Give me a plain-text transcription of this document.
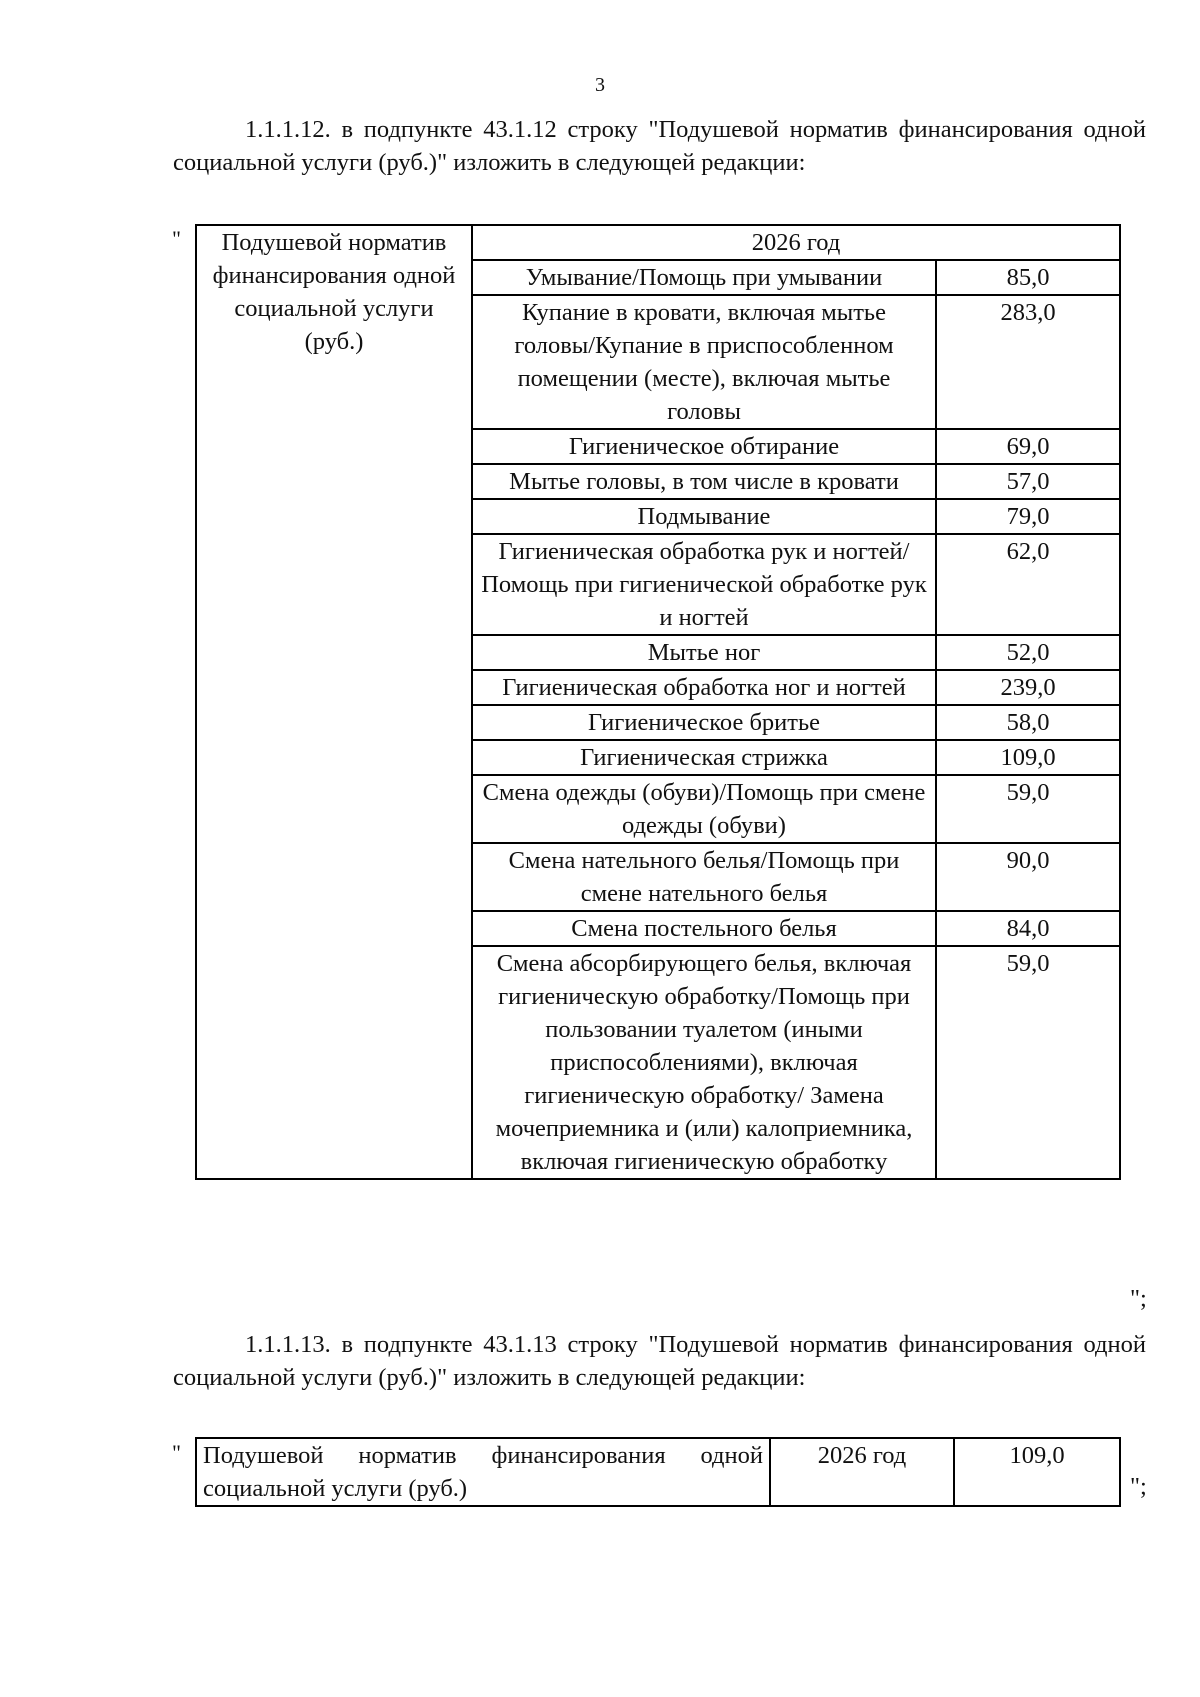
3
1.1.1.12. в подпункте 43.1.12 строку "Подушевой норматив финансирования одной социальной услуги (руб.)" изложить в следующей редакции:
" Подушевой норматив финансирования одной социальной услуги (руб.)	2026 год	
	Умывание/Помощь при умывании	85,0
	Купание в кровати, включая мытье головы/Купание в приспособленном помещении (месте), включая мытье головы	283,0
	Гигиеническое обтирание	69,0
	Мытье головы, в том числе в кровати	57,0
	Подмывание	79,0
	Гигиеническая обработка рук и ногтей/Помощь при гигиенической обработке рук и ногтей	62,0
	Мытье ног	52,0
	Гигиеническая обработка ног и ногтей	239,0
	Гигиеническое бритье	58,0
	Гигиеническая стрижка	109,0
	Смена одежды (обуви)/Помощь при смене одежды (обуви)	59,0
	Смена нательного белья/Помощь при смене нательного белья	90,0
	Смена постельного белья	84,0
	Смена абсорбирующего белья, включая гигиеническую обработку/Помощь при пользовании туалетом (иными приспособлениями), включая гигиеническую обработку/ Замена мочеприемника и (или) калоприемника, включая гигиеническую обработку	59,0
";
1.1.1.13. в подпункте 43.1.13 строку "Подушевой норматив финансирования одной социальной услуги (руб.)" изложить в следующей редакции:
" Подушевой норматив финансирования одной социальной услуги (руб.)	2026 год	109,0
";
